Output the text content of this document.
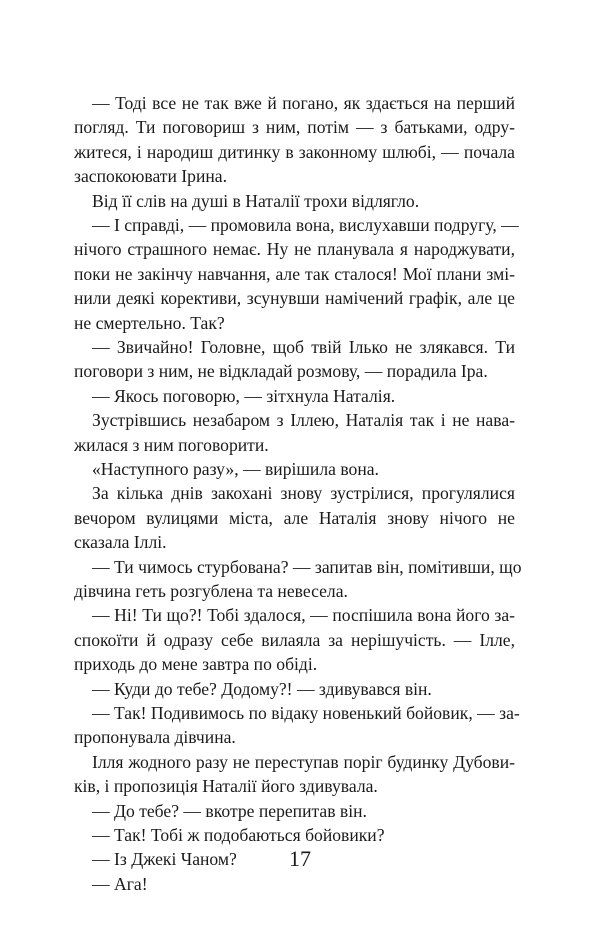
— Тоді все не так вже й погано, як здається на перший
погляд. Ти поговориш з ним, потім — з батьками, одру-
житеся, і народиш дитинку в законному шлюбі, — почала
заспокоювати Ірина.
Від її слів на душі в Наталії трохи відлягло.
— І справді, — промовила вона, вислухавши подругу, —
нічого страшного немає. Ну не планувала я народжувати,
поки не закінчу навчання, але так сталося! Мої плани змі-
нили деякі корективи, зсунувши намічений графік, але це
не смертельно. Так?
— Звичайно! Головне, щоб твій Ілько не злякався. Ти
поговори з ним, не відкладай розмову, — порадила Іра.
— Якось поговорю, — зітхнула Наталія.
Зустрівшись незабаром з Іллею, Наталія так і не нава-
жилася з ним поговорити.
«Наступного разу», — вирішила вона.
За кілька днів закохані знову зустрілися, прогулялися
вечором вулицями міста, але Наталія знову нічого не
сказала Іллі.
— Ти чимось стурбована? — запитав він, помітивши, що
дівчина геть розгублена та невесела.
— Ні! Ти що?! Тобі здалося, — поспішила вона його за-
спокоїти й одразу себе вилаяла за нерішучість. — Ілле,
приходь до мене завтра по обіді.
— Куди до тебе? Додому?! — здивувався він.
— Так! Подивимось по відаку новенький бойовик, — за-
пропонувала дівчина.
Ілля жодного разу не переступав поріг будинку Дубови-
ків, і пропозиція Наталії його здивувала.
— До тебе? — вкотре перепитав він.
— Так! Тобі ж подобаються бойовики?
— Із Джекі Чаном?
— Ага!
17
